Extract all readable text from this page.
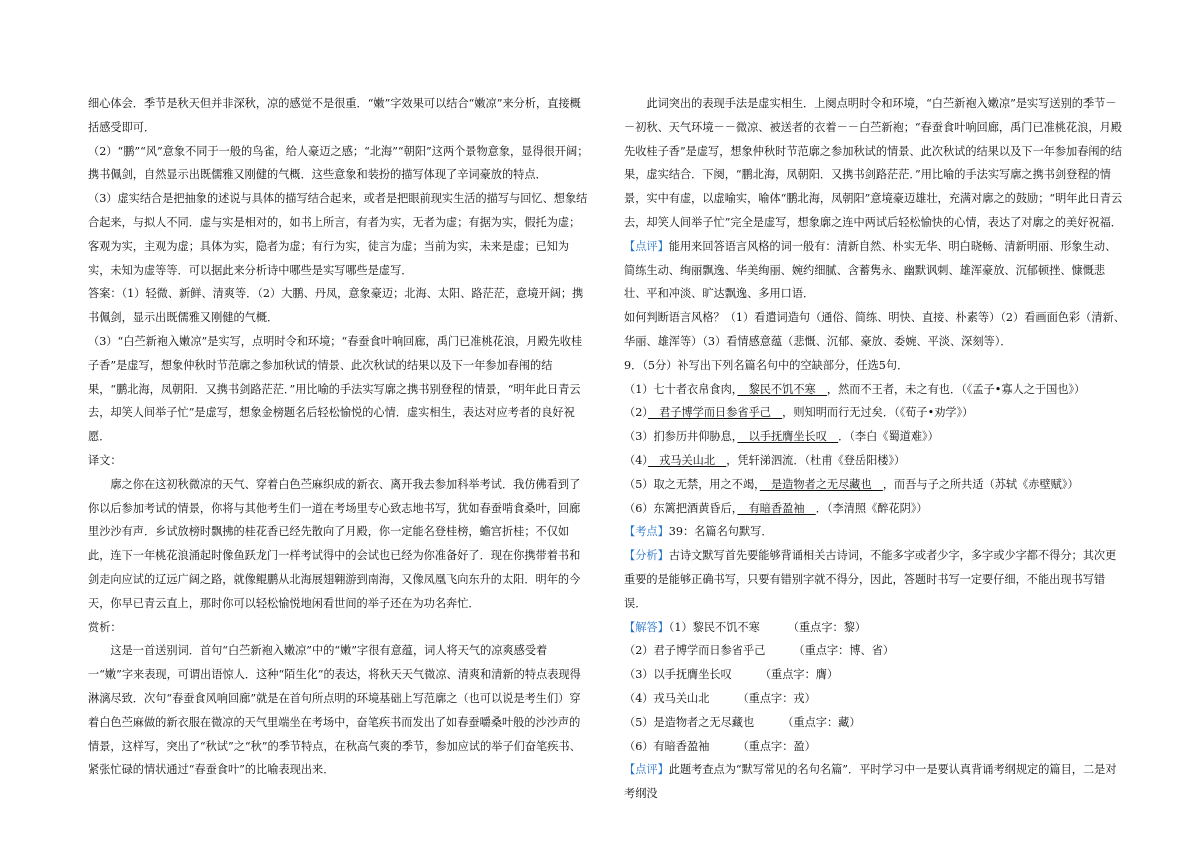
细心体会．季节是秋天但并非深秋，凉的感觉不是很重．“嫩”字效果可以结合“嫩凉”来分析，直接概括感受即可．

（2）“鹏”“风”意象不同于一般的鸟雀，给人豪迈之感；“北海”“朝阳”这两个景物意象，显得很开阔；携书佩剑，自然显示出既儒雅又刚健的气概．这些意象和装扮的描写体现了辛词豪放的特点．

（3）虚实结合是把抽象的述说与具体的描写结合起来，或者是把眼前现实生活的描写与回忆、想象结合起来，与拟人不同．虚与实是相对的，如书上所言，有者为实，无者为虚；有据为实，假托为虚；客观为实，主观为虚；具体为实，隐者为虚；有行为实，徒言为虚；当前为实，未来是虚；已知为实，未知为虚等等．可以据此来分析诗中哪些是实写哪些是虚写．

答案：（1）轻微、新鲜、清爽等．（2）大鹏、丹凤，意象豪迈；北海、太阳、路茫茫，意境开阔；携书佩剑，显示出既儒雅又刚健的气概．

（3）“白苎新袍入嫩凉”是实写，点明时令和环境；“春蚕食叶响回廊，禹门已准桃花浪，月殿先收桂子香”是虚写，想象仲秋时节范廓之参加秋试的情景、此次秋试的结果以及下一年参加春闱的结果，“鹏北海，凤朝阳．又携书剑路茫茫．”用比喻的手法实写廓之携书别登程的情景，“明年此日青云去，却笑人间举子忙”是虚写，想象金榜题名后轻松愉悦的心情．虚实相生，表达对应考者的良好祝愿．

译文：

廓之你在这初秋微凉的天气、穿着白色苎麻织成的新衣、离开我去参加科举考试．我仿佛看到了你以后参加考试的情景，你将与其他考生们一道在考场里专心致志地书写，犹如春蚕啃食桑叶，回廊里沙沙有声．乡试放榜时飘拂的桂花香已经先散向了月殿，你一定能名登桂榜，蟾宫折桂；不仅如此，连下一年桃花浪涌起时像鱼跃龙门一样考试得中的会试也已经为你准备好了．现在你携带着书和剑走向应试的辽远广阔之路，就像鲲鹏从北海展翅翱游到南海，又像凤凰飞向东升的太阳．明年的今天，你早已青云直上，那时你可以轻松愉悦地闲看世间的举子还在为功名奔忙．

赏析：

这是一首送别词．首句“白苎新袍入嫩凉”中的“嫩”字很有意蕴，词人将天气的凉爽感受着一“嫩”字来表现，可谓出语惊人．这种“陌生化”的表达，将秋天天气微凉、清爽和清新的特点表现得淋漓尽致．次句“春蚕食风响回廊”就是在首句所点明的环境基础上写范廓之（也可以说是考生们）穿着白色苎麻做的新衣服在微凉的天气里端坐在考场中，奋笔疾书而发出了如春蚕嚼桑叶般的沙沙声的情景，这样写，突出了“秋试”之“秋”的季节特点，在秋高气爽的季节，参加应试的举子们奋笔疾书、紧张忙碌的情状通过“春蚕食叶”的比喻表现出来．

此词突出的表现手法是虚实相生．上阕点明时令和环境，“白苎新袍入嫩凉”是实写送别的季节－－初秋、天气环境－－微凉、被送者的衣着－－白苎新袍；“春蚕食叶响回廊，禹门已准桃花浪，月殿先收桂子香”是虚写，想象仲秋时节范廓之参加秋试的情景、此次秋试的结果以及下一年参加春闱的结果，虚实结合．下阕，“鹏北海，凤朝阳．又携书剑路茫茫．”用比喻的手法实写廓之携书剑登程的情景，实中有虚，以虚喻实，喻体“鹏北海，凤朝阳”意境豪迈雄壮，充满对廓之的鼓励；“明年此日青云去，却笑人间举子忙”完全是虚写，想象廓之连中两试后轻松愉快的心情，表达了对廓之的美好祝福．

【点评】能用来回答语言风格的词一般有：清新自然、朴实无华、明白晓畅、清新明丽、形象生动、简练生动、绚丽飘逸、华美绚丽、婉约细腻、含蓄隽永、幽默讽刺、雄浑豪放、沉郁顿挫、慷慨悲壮、平和冲淡、旷达飘逸、多用口语．

如何判断语言风格？（1）看遣词造句（通俗、简练、明快、直接、朴素等）（2）看画面色彩（清新、华丽、雄浑等）（3）看情感意蕴（悲慨、沉郁、豪放、委婉、平淡、深刻等）．

9．（5分）补写出下列名篇名句中的空缺部分，任选5句．

（1）七十者衣帛食肉，　黎民不饥不寒　，然而不王者，未之有也．（《孟子•寡人之于国也》）

（2）　君子博学而日参省乎己　，则知明而行无过矣．（《荀子•劝学》）

（3）扪参历井仰胁息，　以手抚膺坐长叹　．（李白《蜀道难》）

（4）　戎马关山北　，凭轩涕泗流．（杜甫《登岳阳楼》）

（5）取之无禁，用之不竭，　是造物者之无尽藏也　，而吾与子之所共适（苏轼《赤壁赋》）

（6）东篱把酒黄昏后，　有暗香盈袖　．（李清照《醉花阴》）

【考点】39：名篇名句默写．

【分析】古诗文默写首先要能够背诵相关古诗词，不能多字或者少字，多字或少字都不得分；其次更重要的是能够正确书写，只要有错别字就不得分，因此，答题时书写一定要仔细，不能出现书写错误．

【解答】（1）黎民不饥不寒	（重点字：黎）

（2）君子博学而日参省乎己	（重点字：博、省）

（3）以手抚膺坐长叹	（重点字：膺）

（4）戎马关山北	（重点字：戎）

（5）是造物者之无尽藏也	（重点字：藏）

（6）有暗香盈袖	（重点字：盈）

【点评】此题考查点为“默写常见的名句名篇”．平时学习中一是要认真背诵考纲规定的篇目，二是对考纲没
